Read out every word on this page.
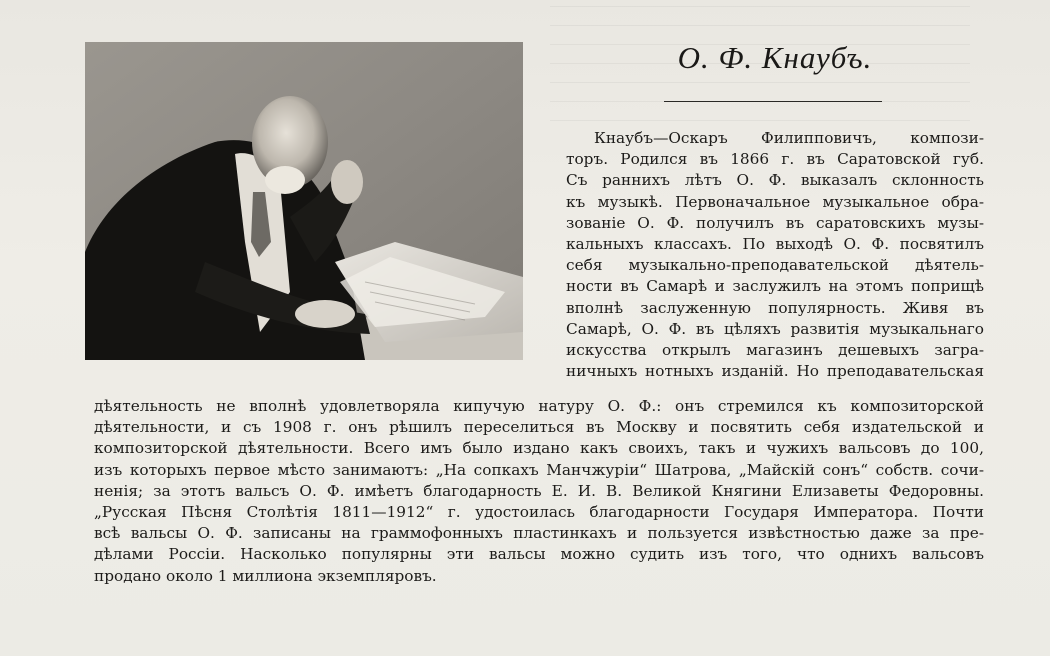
О. Ф. Кнаубъ.
Кнаубъ—Оскаръ Филипповичъ, компози-
торъ. Родился въ 1866 г. въ Саратовской губ.
Съ раннихъ лѣтъ О. Ф. выказалъ склонность
къ музыкѣ. Первоначальное музыкальное обра-
зованіе О. Ф. получилъ въ саратовскихъ музы-
кальныхъ классахъ. По выходѣ О. Ф. посвятилъ
себя музыкально-преподавательской дѣятель-
ности въ Самарѣ и заслужилъ на этомъ поприщѣ
вполнѣ заслуженную популярность. Живя въ
Самарѣ, О. Ф. въ цѣляхъ развитія музыкальнаго
искусства открылъ магазинъ дешевыхъ загра-
ничныхъ нотныхъ изданій. Но преподавательская
дѣятельность не вполнѣ удовлетворяла кипучую натуру О. Ф.: онъ стремился къ композиторской
дѣятельности, и съ 1908 г. онъ рѣшилъ переселиться въ Москву и посвятить себя издательской и
композиторской дѣятельности. Всего имъ было издано какъ своихъ, такъ и чужихъ вальсовъ до 100,
изъ которыхъ первое мѣсто занимаютъ: „На сопкахъ Манчжуріи“ Шатрова, „Майскій сонъ“ собств. сочи-
ненія; за этотъ вальсъ О. Ф. имѣетъ благодарность Е. И. В. Великой Княгини Елизаветы Федоровны.
„Русская Пѣсня Столѣтія 1811—1912“ г. удостоилась благодарности Государя Императора. Почти
всѣ вальсы О. Ф. записаны на граммофонныхъ пластинкахъ и пользуется извѣстностью даже за пре-
дѣлами Россіи. Насколько популярны эти вальсы можно судить изъ того, что однихъ вальсовъ
продано около 1 миллиона экземпляровъ.
